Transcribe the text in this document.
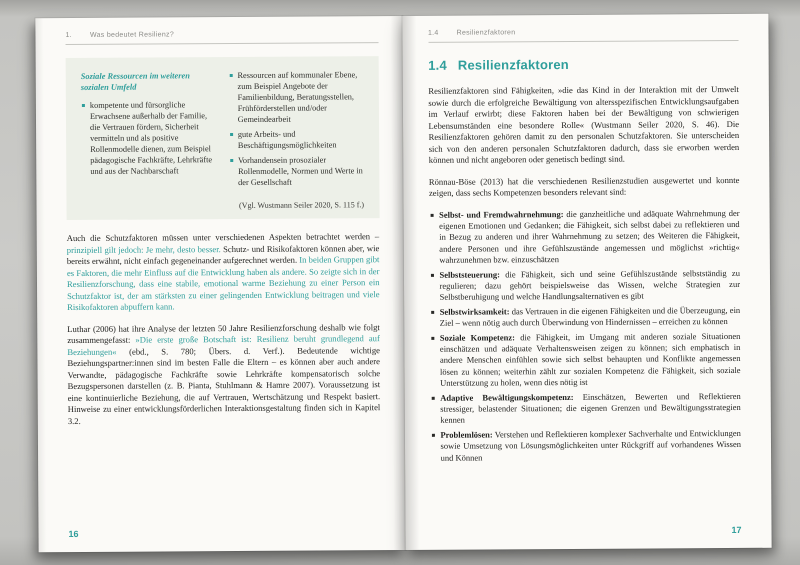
1.	Was bedeutet Resilienz?
Soziale Ressourcen im weiteren sozialen Umfeld
kompetente und fürsorgliche Erwachsene außerhalb der Familie, die Vertrauen fördern, Sicherheit vermitteln und als positive Rollenmodelle dienen, zum Beispiel pädagogische Fachkräfte, Lehrkräfte und aus der Nachbarschaft
Ressourcen auf kommunaler Ebene, zum Beispiel Angebote der Familienbildung, Beratungsstellen, Frühförderstellen und/oder Gemeindearbeit
gute Arbeits- und Beschäftigungsmöglichkeiten
Vorhandensein prosozialer Rollenmodelle, Normen und Werte in der Gesellschaft
(Vgl. Wustmann Seiler 2020, S. 115 f.)

Auch die Schutzfaktoren müssen unter verschiedenen Aspekten betrachtet werden – prinzipiell gilt jedoch: Je mehr, desto besser. Schutz- und Risikofaktoren können aber, wie bereits erwähnt, nicht einfach gegeneinander aufgerechnet werden. In beiden Gruppen gibt es Faktoren, die mehr Einfluss auf die Entwicklung haben als andere. So zeigte sich in der Resilienzforschung, dass eine stabile, emotional warme Beziehung zu einer Person ein Schutzfaktor ist, der am stärksten zu einer gelingenden Entwicklung beitragen und viele Risikofaktoren abpuffern kann.

Luthar (2006) hat ihre Analyse der letzten 50 Jahre Resilienzforschung deshalb wie folgt zusammengefasst: »Die erste große Botschaft ist: Resilienz beruht grundlegend auf Beziehungen« (ebd., S. 780; Übers. d. Verf.). Bedeutende wichtige Beziehungspartner:innen sind im besten Falle die Eltern – es können aber auch andere Verwandte, pädagogische Fachkräfte sowie Lehrkräfte kompensatorisch solche Bezugspersonen darstellen (z. B. Pianta, Stuhlmann & Hamre 2007). Voraussetzung ist eine kontinuierliche Beziehung, die auf Vertrauen, Wertschätzung und Respekt basiert. Hinweise zu einer entwicklungsförderlichen Interaktionsgestaltung finden sich in Kapitel 3.2.

16
1.4	Resilienzfaktoren
1.4 Resilienzfaktoren

Resilienzfaktoren sind Fähigkeiten, »die das Kind in der Interaktion mit der Umwelt sowie durch die erfolgreiche Bewältigung von altersspezifischen Entwicklungsaufgaben im Verlauf erwirbt; diese Faktoren haben bei der Bewältigung von schwierigen Lebensumständen eine besondere Rolle« (Wustmann Seiler 2020, S. 46). Die Resilienzfaktoren gehören damit zu den personalen Schutzfaktoren. Sie unterscheiden sich von den anderen personalen Schutzfaktoren dadurch, dass sie erworben werden können und nicht angeboren oder genetisch bedingt sind.

Rönnau-Böse (2013) hat die verschiedenen Resilienzstudien ausgewertet und konnte zeigen, dass sechs Kompetenzen besonders relevant sind:

Selbst- und Fremdwahrnehmung: die ganzheitliche und adäquate Wahrnehmung der eigenen Emotionen und Gedanken; die Fähigkeit, sich selbst dabei zu reflektieren und in Bezug zu anderen und ihrer Wahrnehmung zu setzen; des Weiteren die Fähigkeit, andere Personen und ihre Gefühlszustände angemessen und möglichst »richtig« wahrzunehmen bzw. einzuschätzen
Selbststeuerung: die Fähigkeit, sich und seine Gefühlszustände selbstständig zu regulieren; dazu gehört beispielsweise das Wissen, welche Strategien zur Selbstberuhigung und welche Handlungsalternativen es gibt
Selbstwirksamkeit: das Vertrauen in die eigenen Fähigkeiten und die Überzeugung, ein Ziel – wenn nötig auch durch Überwindung von Hindernissen – erreichen zu können
Soziale Kompetenz: die Fähigkeit, im Umgang mit anderen soziale Situationen einschätzen und adäquate Verhaltensweisen zeigen zu können; sich emphatisch in andere Menschen einfühlen sowie sich selbst behaupten und Konflikte angemessen lösen zu können; weiterhin zählt zur sozialen Kompetenz die Fähigkeit, sich soziale Unterstützung zu holen, wenn dies nötig ist
Adaptive Bewältigungskompetenz: Einschätzen, Bewerten und Reflektieren stressiger, belastender Situationen; die eigenen Grenzen und Bewältigungsstrategien kennen
Problemlösen: Verstehen und Reflektieren komplexer Sachverhalte und Entwicklungen sowie Umsetzung von Lösungsmöglichkeiten unter Rückgriff auf vorhandenes Wissen und Können
17
